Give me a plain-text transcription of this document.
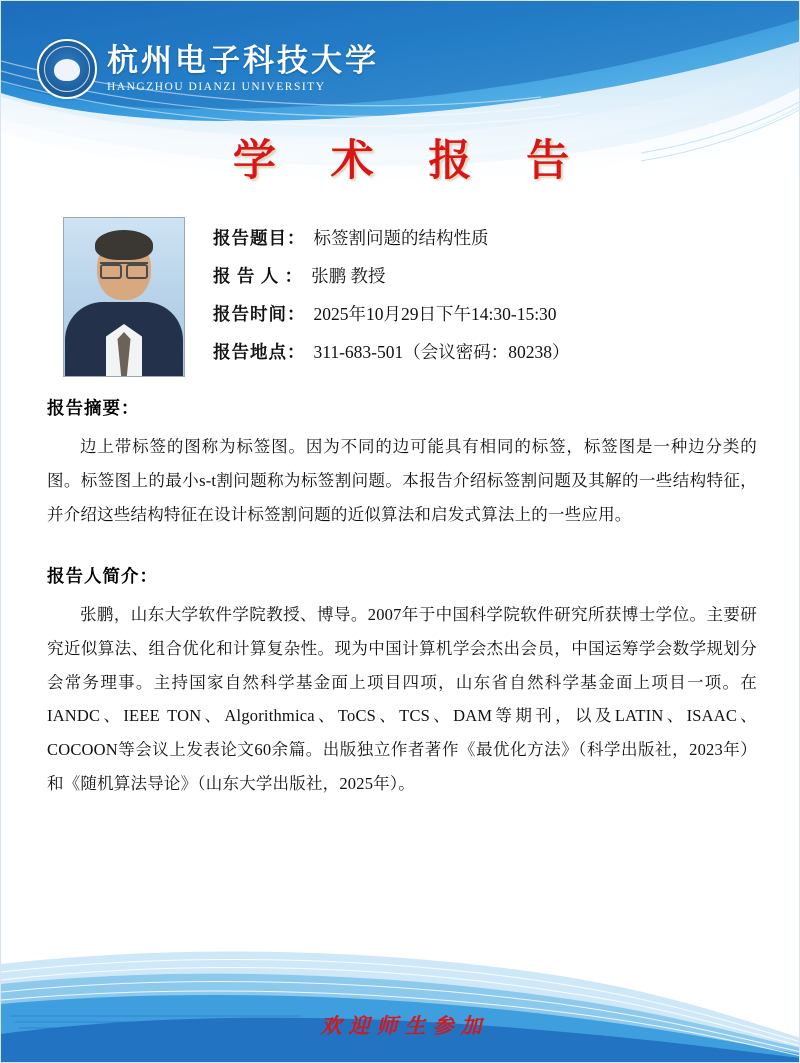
杭州电子科技大学
HANGZHOU DIANZI UNIVERSITY
学 术 报 告
报告题目： 标签割问题的结构性质
报 告 人 ： 张鹏 教授
报告时间： 2025年10月29日下午14:30-15:30
报告地点： 311-683-501（会议密码：80238）
报告摘要：

边上带标签的图称为标签图。因为不同的边可能具有相同的标签，标签图是一种边分类的图。标签图上的最小s-t割问题称为标签割问题。本报告介绍标签割问题及其解的一些结构特征，并介绍这些结构特征在设计标签割问题的近似算法和启发式算法上的一些应用。

报告人简介：

张鹏，山东大学软件学院教授、博导。2007年于中国科学院软件研究所获博士学位。主要研究近似算法、组合优化和计算复杂性。现为中国计算机学会杰出会员，中国运筹学会数学规划分会常务理事。主持国家自然科学基金面上项目四项，山东省自然科学基金面上项目一项。在IANDC、IEEE TON、Algorithmica、ToCS、TCS、DAM等期刊，以及LATIN、ISAAC、COCOON等会议上发表论文60余篇。出版独立作者著作《最优化方法》（科学出版社，2023年）和《随机算法导论》（山东大学出版社，2025年）。

欢迎师生参加
